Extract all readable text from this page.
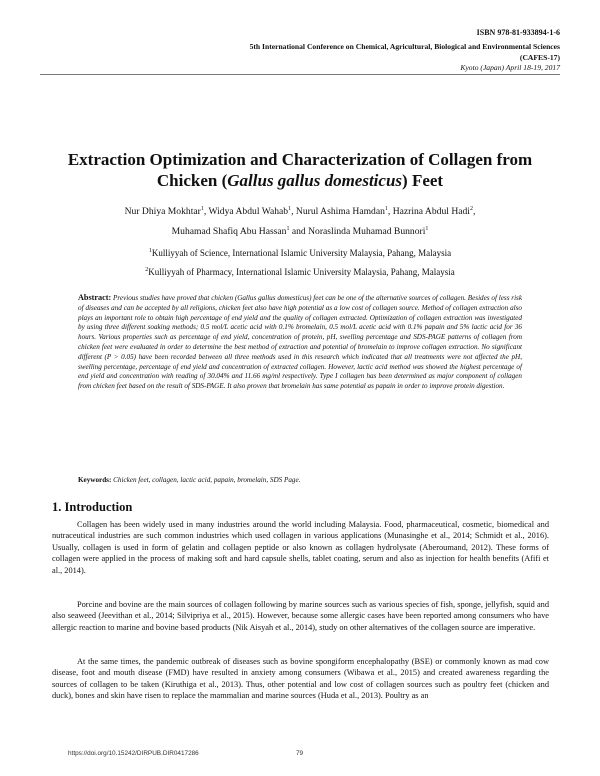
ISBN 978-81-933894-1-6
5th International Conference on Chemical, Agricultural, Biological and Environmental Sciences
(CAFES-17)
Kyoto (Japan) April 18-19, 2017
Extraction Optimization and Characterization of Collagen from
Chicken (Gallus gallus domesticus) Feet
Nur Dhiya Mokhtar$^1$, Widya Abdul Wahab$^1$, Nurul Ashima Hamdan$^1$, Hazrina Abdul Hadi$^2$,
Muhamad Shafiq Abu Hassan$^1$ and Noraslinda Muhamad Bunnori$^1$
$^1$Kulliyyah of Science, International Islamic University Malaysia, Pahang, Malaysia
$^2$Kulliyyah of Pharmacy, International Islamic University Malaysia, Pahang, Malaysia
Abstract: Previous studies have proved that chicken (Gallus gallus domesticus) feet can be one of the alternative sources of collagen. Besides of less risk of diseases and can be accepted by all religions, chicken feet also have high potential as a low cost of collagen source. Method of collagen extraction also plays an important role to obtain high percentage of end yield and the quality of collagen extracted. Optimization of collagen extraction was investigated by using three different soaking methods; 0.5 mol/L acetic acid with 0.1% bromelain, 0.5 mol/L acetic acid with 0.1% papain and 5% lactic acid for 36 hours. Various properties such as percentage of end yield, concentration of protein, pH, swelling percentage and SDS-PAGE patterns of collagen from chicken feet were evaluated in order to determine the best method of extraction and potential of bromelain to improve collagen extraction. No significant different (P > 0.05) have been recorded between all three methods used in this research which indicated that all treatments were not affected the pH, swelling percentage, percentage of end yield and concentration of extracted collagen. However, lactic acid method was showed the highest percentage of end yield and concentration with reading of 30.04% and 11.66 mg/ml respectively. Type I collagen has been determined as major component of collagen from chicken feet based on the result of SDS-PAGE. It also proven that bromelain has same potential as papain in order to improve protein digestion.
Keywords: Chicken feet, collagen, lactic acid, papain, bromelain, SDS Page.
1. Introduction
Collagen has been widely used in many industries around the world including Malaysia. Food, pharmaceutical, cosmetic, biomedical and nutraceutical industries are such common industries which used collagen in various applications (Munasinghe et al., 2014; Schmidt et al., 2016). Usually, collagen is used in form of gelatin and collagen peptide or also known as collagen hydrolysate (Aberoumand, 2012). These forms of collagen were applied in the process of making soft and hard capsule shells, tablet coating, serum and also as injection for health benefits (Afifi et al., 2014).
Porcine and bovine are the main sources of collagen following by marine sources such as various species of fish, sponge, jellyfish, squid and also seaweed (Jeevithan et al., 2014; Silvipriya et al., 2015). However, because some allergic cases have been reported among consumers who have allergic reaction to marine and bovine based products (Nik Aisyah et al., 2014), study on other alternatives of the collagen source are imperative.
At the same times, the pandemic outbreak of diseases such as bovine spongiform encephalopathy (BSE) or commonly known as mad cow disease, foot and mouth disease (FMD) have resulted in anxiety among consumers (Wibawa et al., 2015) and created awareness regarding the sources of collagen to be taken (Kiruthiga et al., 2013). Thus, other potential and low cost of collagen sources such as poultry feet (chicken and duck), bones and skin have risen to replace the mammalian and marine sources (Huda et al., 2013). Poultry as an
https://doi.org/10.15242/DIRPUB.DIR0417286	79
